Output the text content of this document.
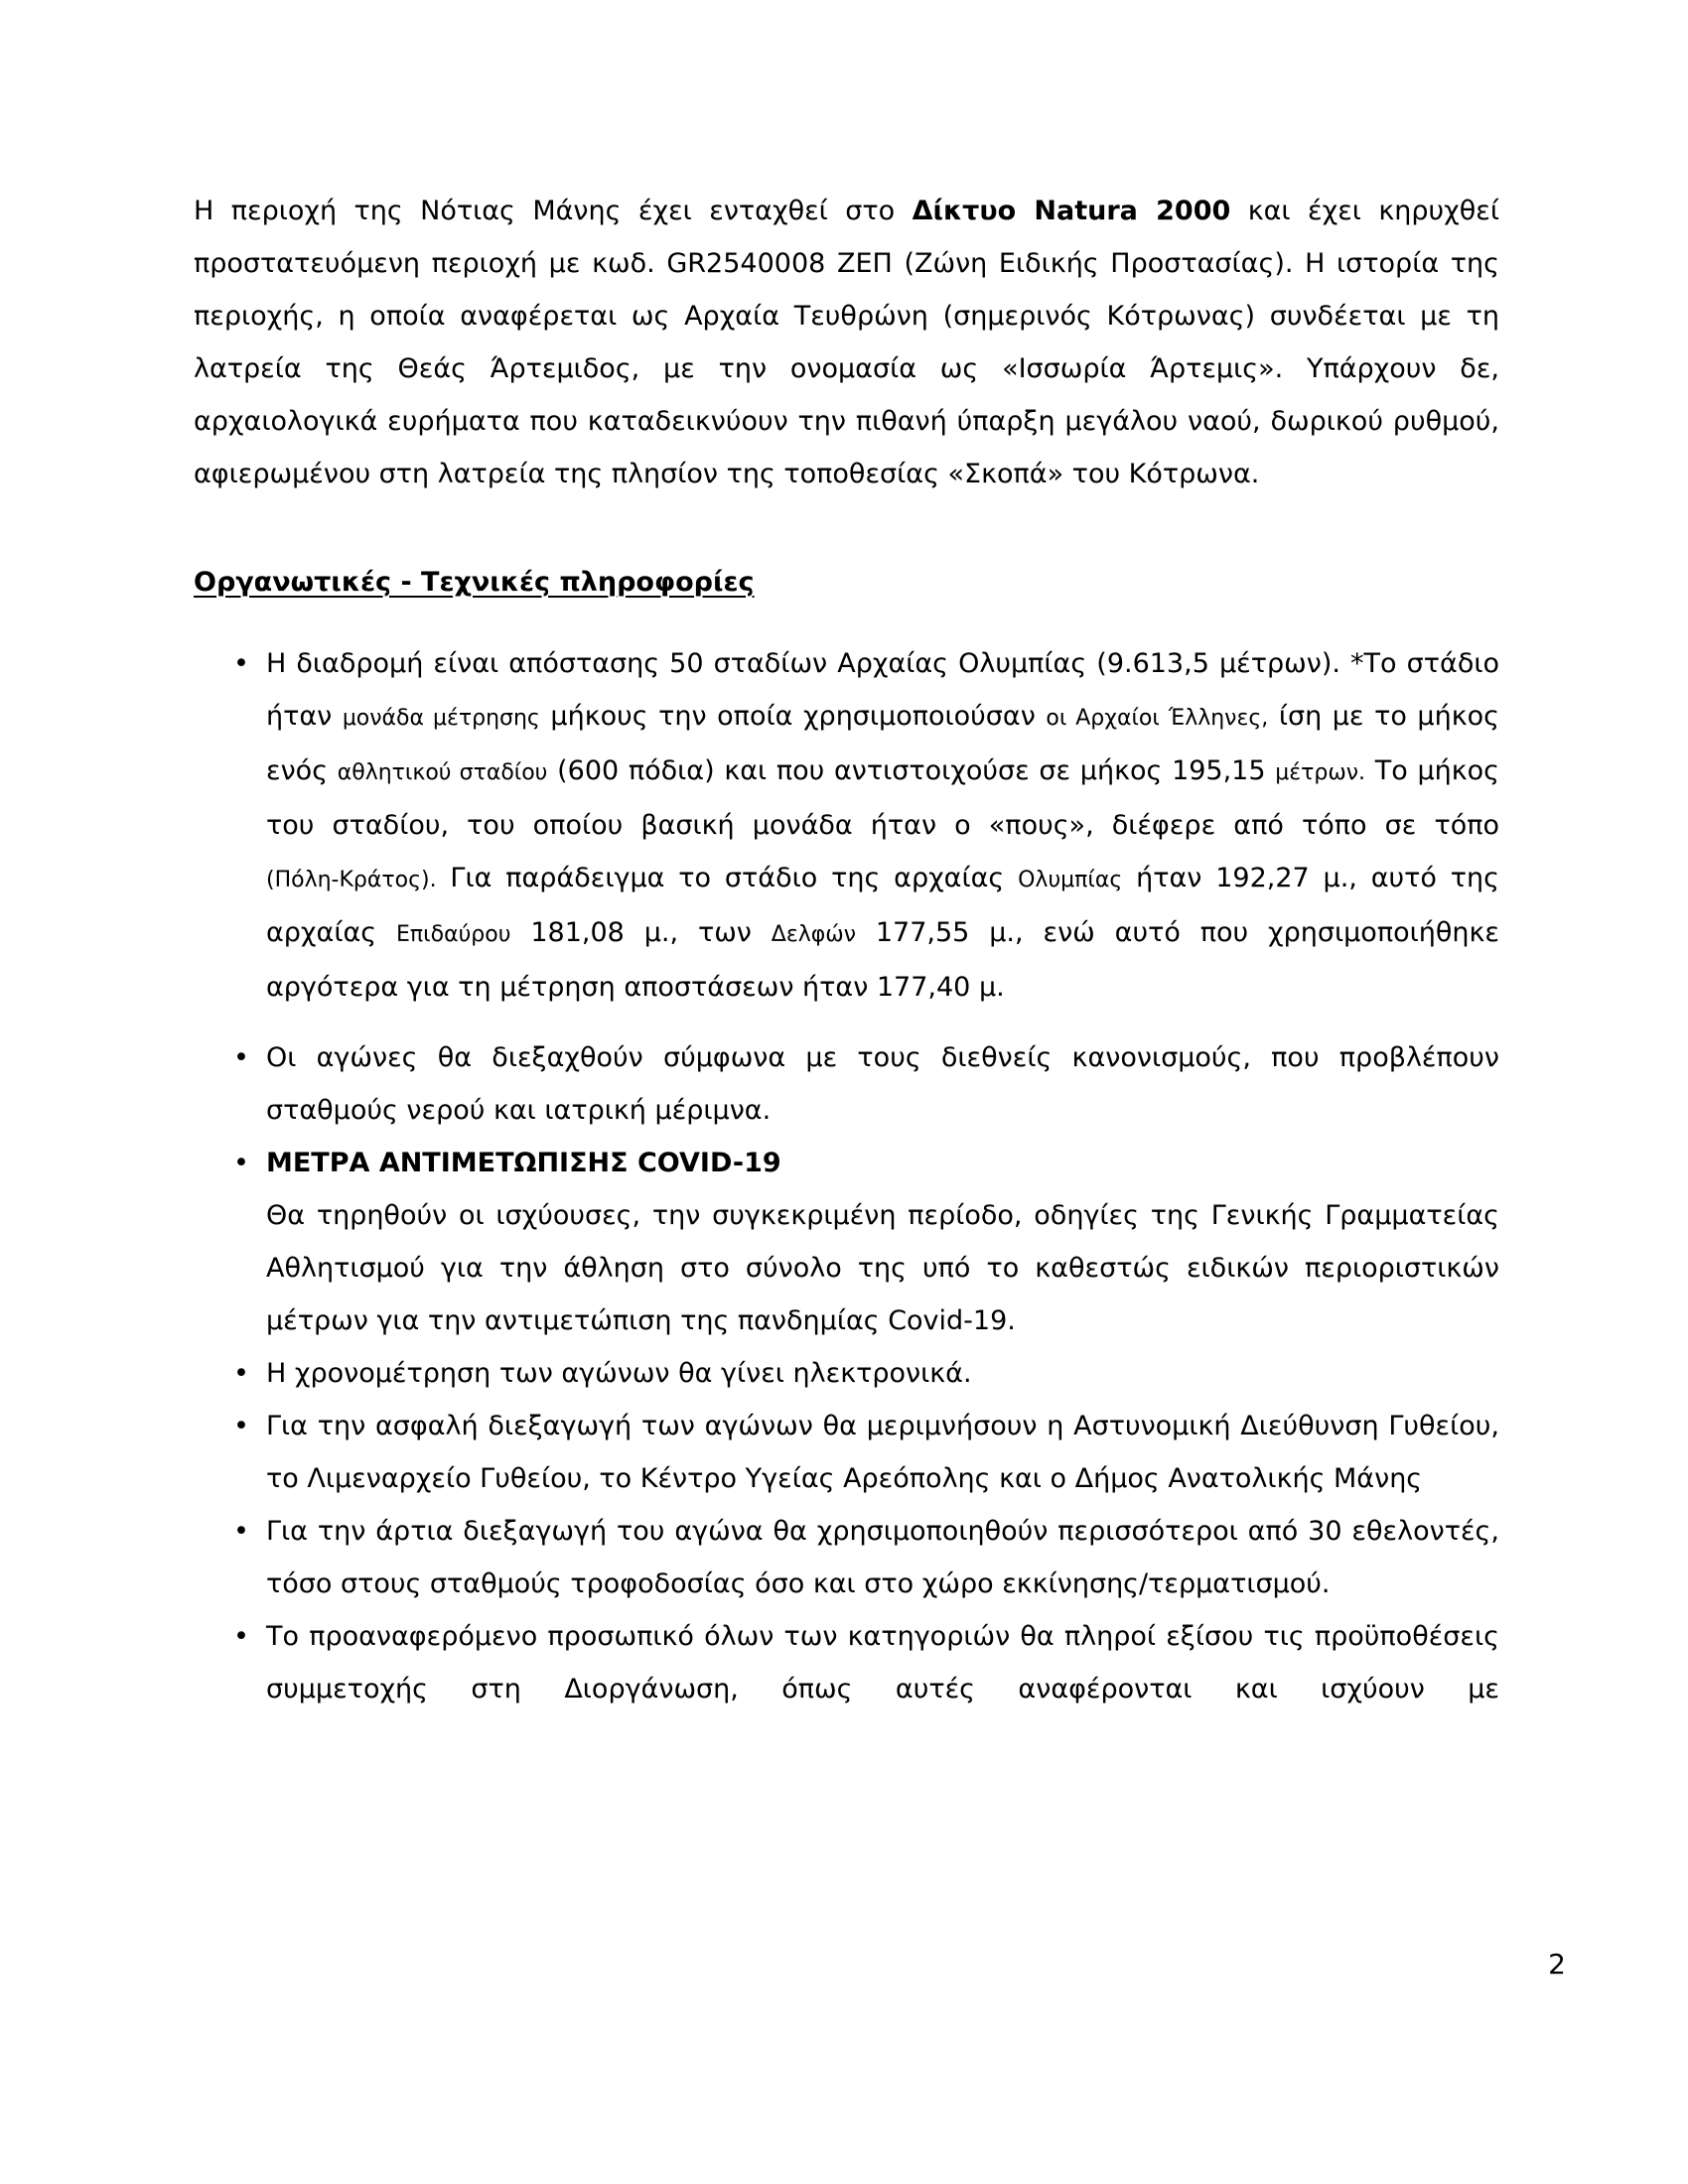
Η περιοχή της Νότιας Μάνης έχει ενταχθεί στο Δίκτυο Natura 2000 και έχει κηρυχθεί προστατευόμενη περιοχή με κωδ. GR2540008 ΖΕΠ (Ζώνη Ειδικής Προστασίας). Η ιστορία της περιοχής, η οποία αναφέρεται ως Αρχαία Τευθρώνη (σημερινός Κότρωνας) συνδέεται με τη λατρεία της Θεάς Άρτεμιδος, με την ονομασία ως «Ισσωρία Άρτεμις». Υπάρχουν δε, αρχαιολογικά ευρήματα που καταδεικνύουν την πιθανή ύπαρξη μεγάλου ναού, δωρικού ρυθμού, αφιερωμένου στη λατρεία της πλησίον της τοποθεσίας «Σκοπά» του Κότρωνα.

Οργανωτικές - Τεχνικές πληροφορίες
• Η διαδρομή είναι απόστασης 50 σταδίων Αρχαίας Ολυμπίας (9.613,5 μέτρων). *Το στάδιο ήταν μονάδα μέτρησης μήκους την οποία χρησιμοποιούσαν οι Αρχαίοι Έλληνες, ίση με το μήκος ενός αθλητικού σταδίου (600 πόδια) και που αντιστοιχούσε σε μήκος 195,15 μέτρων. Το μήκος του σταδίου, του οποίου βασική μονάδα ήταν ο «πους», διέφερε από τόπο σε τόπο (Πόλη-Κράτος). Για παράδειγμα το στάδιο της αρχαίας Ολυμπίας ήταν 192,27 μ., αυτό της αρχαίας Επιδαύρου 181,08 μ., των Δελφών 177,55 μ., ενώ αυτό που χρησιμοποιήθηκε αργότερα για τη μέτρηση αποστάσεων ήταν 177,40 μ.
• Οι αγώνες θα διεξαχθούν σύμφωνα με τους διεθνείς κανονισμούς, που προβλέπουν σταθμούς νερού και ιατρική μέριμνα.
• ΜΕΤΡΑ ΑΝΤΙΜΕΤΩΠΙΣΗΣ COVID-19
Θα τηρηθούν οι ισχύουσες, την συγκεκριμένη περίοδο, οδηγίες της Γενικής Γραμματείας Αθλητισμού για την άθληση στο σύνολο της υπό το καθεστώς ειδικών περιοριστικών μέτρων για την αντιμετώπιση της πανδημίας Covid-19.
• Η χρονομέτρηση των αγώνων θα γίνει ηλεκτρονικά.
• Για την ασφαλή διεξαγωγή των αγώνων θα μεριμνήσουν η Αστυνομική Διεύθυνση Γυθείου, το Λιμεναρχείο Γυθείου, το Κέντρο Υγείας Αρεόπολης και ο Δήμος Ανατολικής Μάνης
• Για την άρτια διεξαγωγή του αγώνα θα χρησιμοποιηθούν περισσότεροι από 30 εθελοντές, τόσο στους σταθμούς τροφοδοσίας όσο και στο χώρο εκκίνησης/τερματισμού.
• Το προαναφερόμενο προσωπικό όλων των κατηγοριών θα πληροί εξίσου τις προϋποθέσεις συμμετοχής στη Διοργάνωση, όπως αυτές αναφέρονται και ισχύουν με
2
